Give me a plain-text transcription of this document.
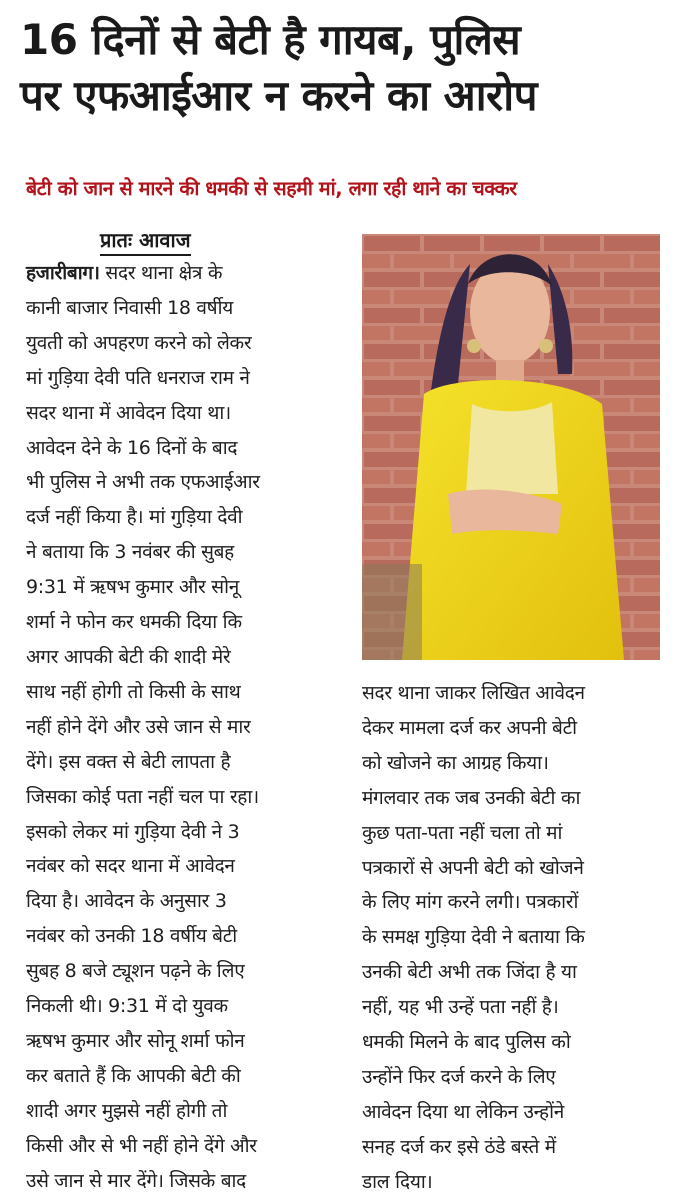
16 दिनों से बेटी है गायब, पुलिस
पर एफआईआर न करने का आरोप
बेटी को जान से मारने की धमकी से सहमी मां, लगा रही थाने का चक्कर
प्रातः आवाज
हजारीबाग। सदर थाना क्षेत्र के
कानी बाजार निवासी 18 वर्षीय
युवती को अपहरण करने को लेकर
मां गुड़िया देवी पति धनराज राम ने
सदर थाना में आवेदन दिया था।
आवेदन देने के 16 दिनों के बाद
भी पुलिस ने अभी तक एफआईआर
दर्ज नहीं किया है। मां गुड़िया देवी
ने बताया कि 3 नवंबर की सुबह
9:31 में ऋषभ कुमार और सोनू
शर्मा ने फोन कर धमकी दिया कि
अगर आपकी बेटी की शादी मेरे
साथ नहीं होगी तो किसी के साथ
नहीं होने देंगे और उसे जान से मार
देंगे। इस वक्त से बेटी लापता है
जिसका कोई पता नहीं चल पा रहा।
इसको लेकर मां गुड़िया देवी ने 3
नवंबर को सदर थाना में आवेदन
दिया है। आवेदन के अनुसार 3
नवंबर को उनकी 18 वर्षीय बेटी
सुबह 8 बजे ट्यूशन पढ़ने के लिए
निकली थी। 9:31 में दो युवक
ऋषभ कुमार और सोनू शर्मा फोन
कर बताते हैं कि आपकी बेटी की
शादी अगर मुझसे नहीं होगी तो
किसी और से भी नहीं होने देंगे और
उसे जान से मार देंगे। जिसके बाद
सदर थाना जाकर लिखित आवेदन
देकर मामला दर्ज कर अपनी बेटी
को खोजने का आग्रह किया।
मंगलवार तक जब उनकी बेटी का
कुछ पता-पता नहीं चला तो मां
पत्रकारों से अपनी बेटी को खोजने
के लिए मांग करने लगी। पत्रकारों
के समक्ष गुड़िया देवी ने बताया कि
उनकी बेटी अभी तक जिंदा है या
नहीं, यह भी उन्हें पता नहीं है।
धमकी मिलने के बाद पुलिस को
उन्होंने फिर दर्ज करने के लिए
आवेदन दिया था लेकिन उन्होंने
सनह दर्ज कर इसे ठंडे बस्ते में
डाल दिया।
